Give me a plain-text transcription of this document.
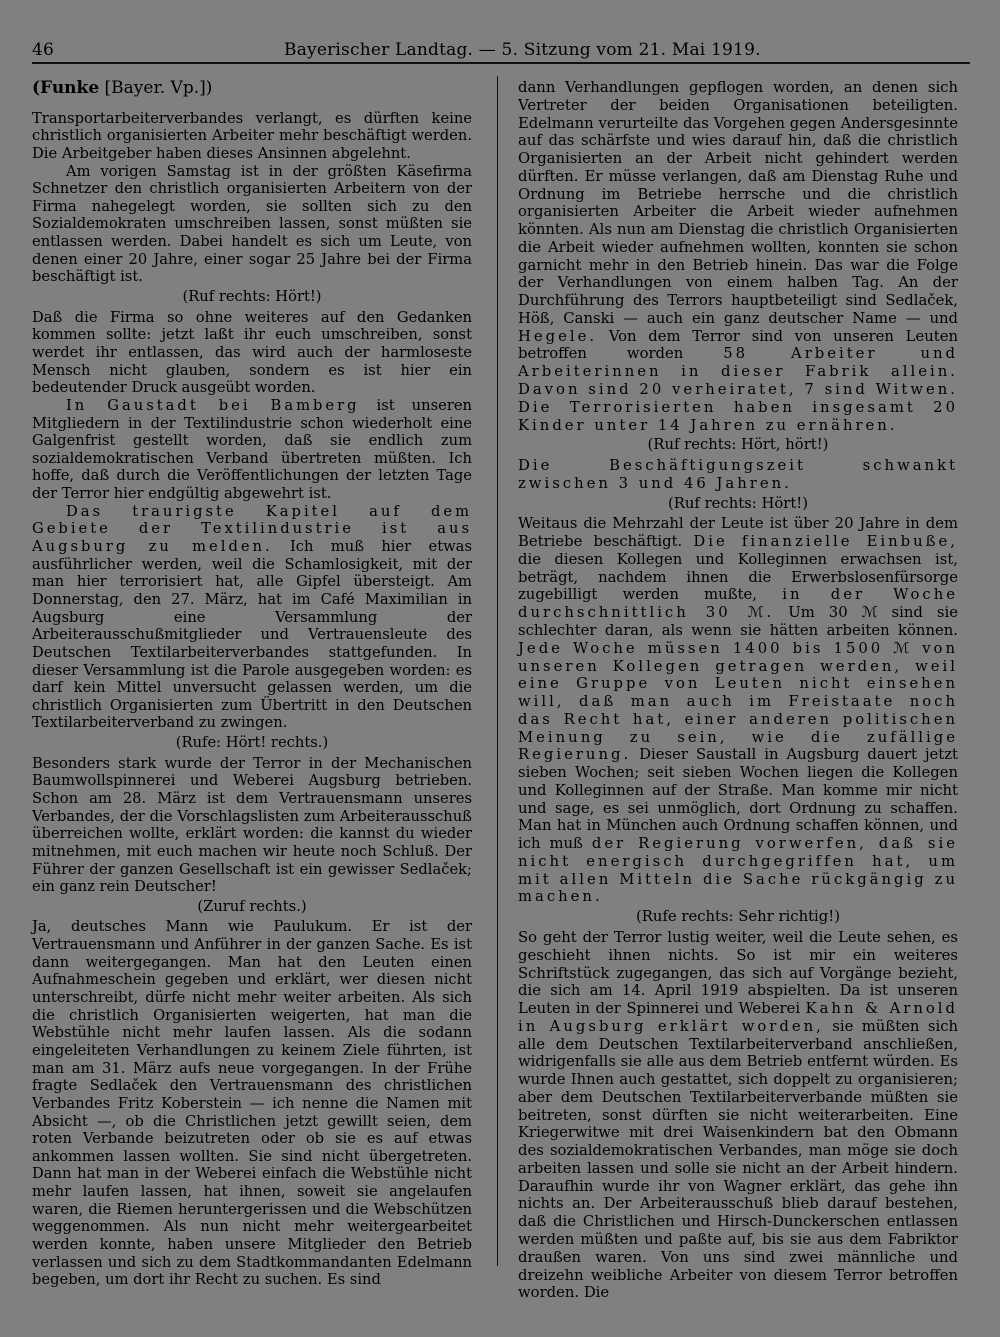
46	Bayerischer Landtag. — 5. Sitzung vom 21. Mai 1919.

(Funke [Bayer. Vp.])

Transportarbeiterverbandes verlangt, es dürften keine christlich organisierten Arbeiter mehr beschäftigt werden. Die Arbeitgeber haben dieses Ansinnen abgelehnt.

Am vorigen Samstag ist in der größten Käsefirma Schnetzer den christlich organisierten Arbeitern von der Firma nahegelegt worden, sie sollten sich zu den Sozialdemokraten umschreiben lassen, sonst müßten sie entlassen werden. Dabei handelt es sich um Leute, von denen einer 20 Jahre, einer sogar 25 Jahre bei der Firma beschäftigt ist.

(Ruf rechts: Hört!)

Daß die Firma so ohne weiteres auf den Gedanken kommen sollte: jetzt laßt ihr euch umschreiben, sonst werdet ihr entlassen, das wird auch der harmloseste Mensch nicht glauben, sondern es ist hier ein bedeutender Druck ausgeübt worden.

In Gaustadt bei Bamberg ist unseren Mitgliedern in der Textilindustrie schon wiederholt eine Galgenfrist gestellt worden, daß sie endlich zum sozialdemokratischen Verband übertreten müßten. Ich hoffe, daß durch die Veröffentlichungen der letzten Tage der Terror hier endgültig abgewehrt ist.

Das traurigste Kapitel auf dem Gebiete der Textilindustrie ist aus Augsburg zu melden. Ich muß hier etwas ausführlicher werden, weil die Schamlosigkeit, mit der man hier terrorisiert hat, alle Gipfel übersteigt. Am Donnerstag, den 27. März, hat im Café Maximilian in Augsburg eine Versammlung der Arbeiterausschußmitglieder und Vertrauensleute des Deutschen Textilarbeiterverbandes stattgefunden. In dieser Versammlung ist die Parole ausgegeben worden: es darf kein Mittel unversucht gelassen werden, um die christlich Organisierten zum Übertritt in den Deutschen Textilarbeiterverband zu zwingen.

(Rufe: Hört! rechts.)

Besonders stark wurde der Terror in der Mechanischen Baumwollspinnerei und Weberei Augsburg betrieben. Schon am 28. März ist dem Vertrauensmann unseres Verbandes, der die Vorschlagslisten zum Arbeiterausschuß überreichen wollte, erklärt worden: die kannst du wieder mitnehmen, mit euch machen wir heute noch Schluß. Der Führer der ganzen Gesellschaft ist ein gewisser Sedlaček; ein ganz rein Deutscher!

(Zuruf rechts.)

Ja, deutsches Mann wie Paulukum. Er ist der Vertrauensmann und Anführer in der ganzen Sache. Es ist dann weitergegangen. Man hat den Leuten einen Aufnahmeschein gegeben und erklärt, wer diesen nicht unterschreibt, dürfe nicht mehr weiter arbeiten. Als sich die christlich Organisierten weigerten, hat man die Webstühle nicht mehr laufen lassen. Als die sodann eingeleiteten Verhandlungen zu keinem Ziele führten, ist man am 31. März aufs neue vorgegangen. In der Frühe fragte Sedlaček den Vertrauensmann des christlichen Verbandes Fritz Koberstein — ich nenne die Namen mit Absicht —, ob die Christlichen jetzt gewillt seien, dem roten Verbande beizutreten oder ob sie es auf etwas ankommen lassen wollten. Sie sind nicht übergetreten. Dann hat man in der Weberei einfach die Webstühle nicht mehr laufen lassen, hat ihnen, soweit sie angelaufen waren, die Riemen heruntergerissen und die Webschützen weggenommen. Als nun nicht mehr weitergearbeitet werden konnte, haben unsere Mitglieder den Betrieb verlassen und sich zu dem Stadtkommandanten Edelmann begeben, um dort ihr Recht zu suchen. Es sind

dann Verhandlungen gepflogen worden, an denen sich Vertreter der beiden Organisationen beteiligten. Edelmann verurteilte das Vorgehen gegen Andersgesinnte auf das schärfste und wies darauf hin, daß die christlich Organisierten an der Arbeit nicht gehindert werden dürften. Er müsse verlangen, daß am Dienstag Ruhe und Ordnung im Betriebe herrsche und die christlich organisierten Arbeiter die Arbeit wieder aufnehmen könnten. Als nun am Dienstag die christlich Organisierten die Arbeit wieder aufnehmen wollten, konnten sie schon garnicht mehr in den Betrieb hinein. Das war die Folge der Verhandlungen von einem halben Tag. An der Durchführung des Terrors hauptbeteiligt sind Sedlaček, Höß, Canski — auch ein ganz deutscher Name — und Hegele. Von dem Terror sind von unseren Leuten betroffen worden 58 Arbeiter und Arbeiterinnen in dieser Fabrik allein. Davon sind 20 verheiratet, 7 sind Witwen. Die Terrorisierten haben insgesamt 20 Kinder unter 14 Jahren zu ernähren.

(Ruf rechts: Hört, hört!)

Die Beschäftigungszeit schwankt zwischen 3 und 46 Jahren.

(Ruf rechts: Hört!)

Weitaus die Mehrzahl der Leute ist über 20 Jahre in dem Betriebe beschäftigt. Die finanzielle Einbuße, die diesen Kollegen und Kolleginnen erwachsen ist, beträgt, nachdem ihnen die Erwerbslosenfürsorge zugebilligt werden mußte, in der Woche durchschnittlich 30 ℳ. Um 30 ℳ sind sie schlechter daran, als wenn sie hätten arbeiten können. Jede Woche müssen 1400 bis 1500 ℳ von unseren Kollegen getragen werden, weil eine Gruppe von Leuten nicht einsehen will, daß man auch im Freistaate noch das Recht hat, einer anderen politischen Meinung zu sein, wie die zufällige Regierung. Dieser Saustall in Augsburg dauert jetzt sieben Wochen; seit sieben Wochen liegen die Kollegen und Kolleginnen auf der Straße. Man komme mir nicht und sage, es sei unmöglich, dort Ordnung zu schaffen. Man hat in München auch Ordnung schaffen können, und ich muß der Regierung vorwerfen, daß sie nicht energisch durchgegriffen hat, um mit allen Mitteln die Sache rückgängig zu machen.

(Rufe rechts: Sehr richtig!)

So geht der Terror lustig weiter, weil die Leute sehen, es geschieht ihnen nichts. So ist mir ein weiteres Schriftstück zugegangen, das sich auf Vorgänge bezieht, die sich am 14. April 1919 abspielten. Da ist unseren Leuten in der Spinnerei und Weberei Kahn & Arnold in Augsburg erklärt worden, sie müßten sich alle dem Deutschen Textilarbeiterverband anschließen, widrigenfalls sie alle aus dem Betrieb entfernt würden. Es wurde Ihnen auch gestattet, sich doppelt zu organisieren; aber dem Deutschen Textilarbeiterverbande müßten sie beitreten, sonst dürften sie nicht weiterarbeiten. Eine Kriegerwitwe mit drei Waisenkindern bat den Obmann des sozialdemokratischen Verbandes, man möge sie doch arbeiten lassen und solle sie nicht an der Arbeit hindern. Daraufhin wurde ihr von Wagner erklärt, das gehe ihn nichts an. Der Arbeiterausschuß blieb darauf bestehen, daß die Christlichen und Hirsch-Dunckerschen entlassen werden müßten und paßte auf, bis sie aus dem Fabriktor draußen waren. Von uns sind zwei männliche und dreizehn weibliche Arbeiter von diesem Terror betroffen worden. Die
